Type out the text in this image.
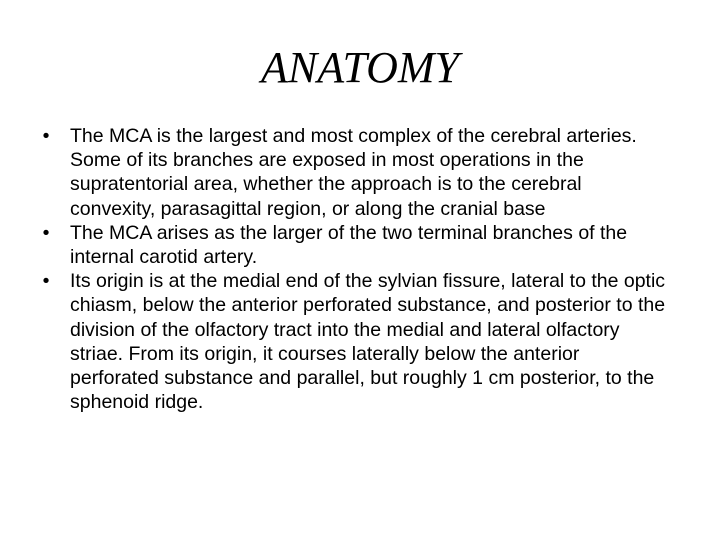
ANATOMY
•	The MCA is the largest and most complex of the cerebral arteries. Some of its branches are exposed in most operations in the supratentorial area, whether the approach is to the cerebral convexity, parasagittal region, or along the cranial base
•	The MCA arises as the larger of the two terminal branches of the internal carotid artery.
•	Its origin is at the medial end of the sylvian fissure, lateral to the optic chiasm, below the anterior perforated substance, and posterior to the division of the olfactory tract into the medial and lateral olfactory striae. From its origin, it courses laterally below the anterior perforated substance and parallel, but roughly 1 cm posterior, to the sphenoid ridge.
